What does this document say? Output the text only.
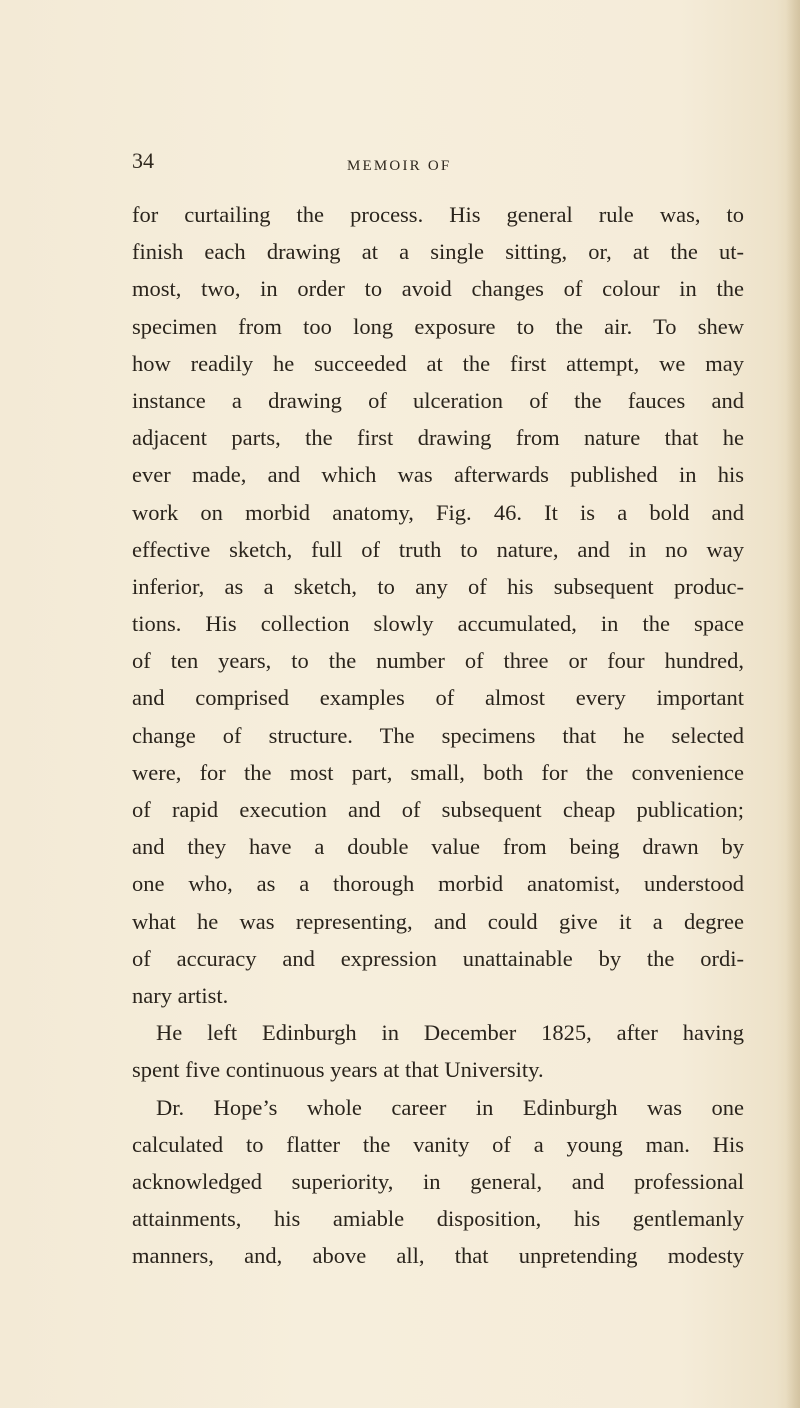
34	MEMOIR OF
for curtailing the process. His general rule was, to
finish each drawing at a single sitting, or, at the ut-
most, two, in order to avoid changes of colour in the
specimen from too long exposure to the air. To shew
how readily he succeeded at the first attempt, we may
instance a drawing of ulceration of the fauces and
adjacent parts, the first drawing from nature that he
ever made, and which was afterwards published in his
work on morbid anatomy, Fig. 46. It is a bold and
effective sketch, full of truth to nature, and in no way
inferior, as a sketch, to any of his subsequent produc-
tions. His collection slowly accumulated, in the space
of ten years, to the number of three or four hundred,
and comprised examples of almost every important
change of structure. The specimens that he selected
were, for the most part, small, both for the convenience
of rapid execution and of subsequent cheap publication;
and they have a double value from being drawn by
one who, as a thorough morbid anatomist, understood
what he was representing, and could give it a degree
of accuracy and expression unattainable by the ordi-
nary artist.
He left Edinburgh in December 1825, after having
spent five continuous years at that University.
Dr. Hope’s whole career in Edinburgh was one
calculated to flatter the vanity of a young man. His
acknowledged superiority, in general, and professional
attainments, his amiable disposition, his gentlemanly
manners, and, above all, that unpretending modesty
